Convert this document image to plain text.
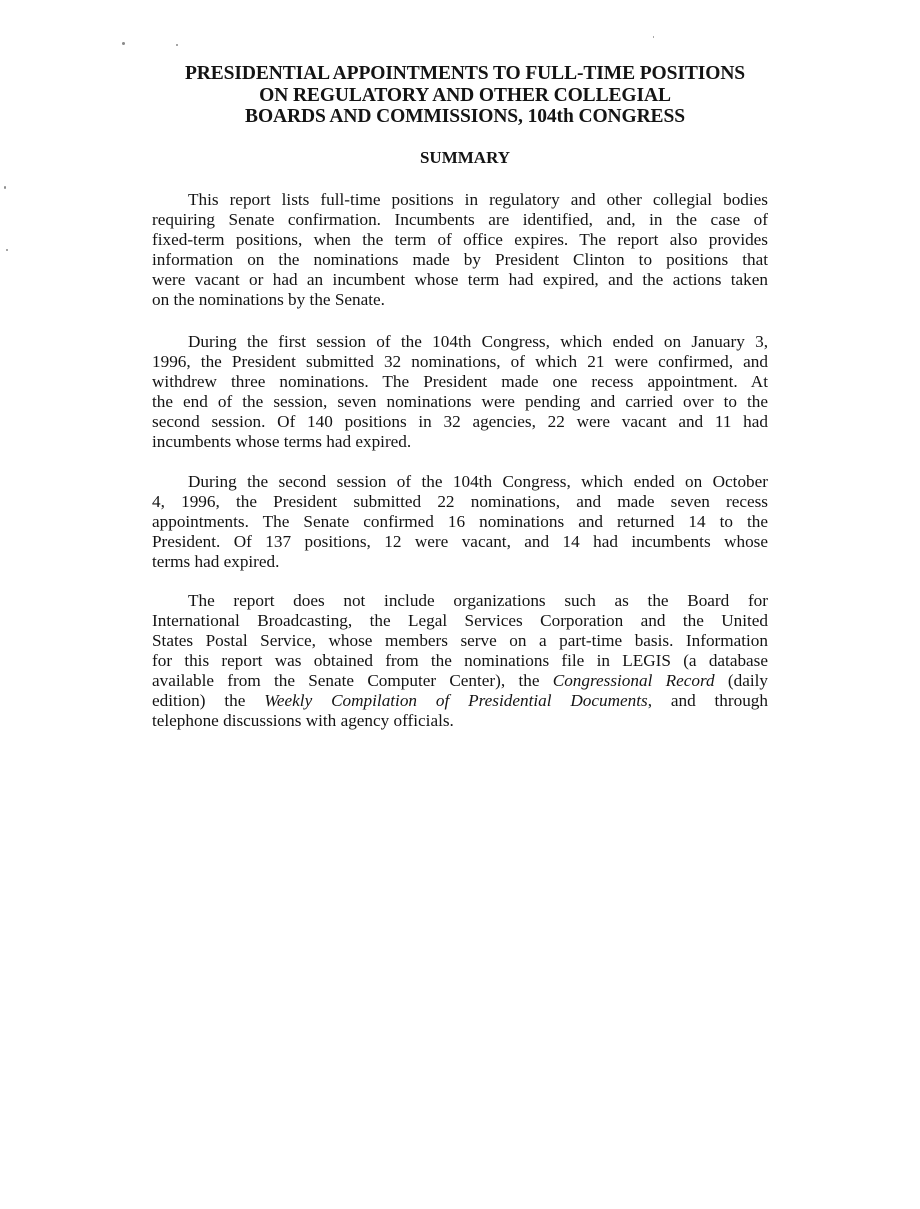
PRESIDENTIAL APPOINTMENTS TO FULL-TIME POSITIONS
ON REGULATORY AND OTHER COLLEGIAL
BOARDS AND COMMISSIONS, 104th CONGRESS
SUMMARY
This report lists full-time positions in regulatory and other collegial bodies
requiring Senate confirmation. Incumbents are identified, and, in the case of
fixed-term positions, when the term of office expires. The report also provides
information on the nominations made by President Clinton to positions that
were vacant or had an incumbent whose term had expired, and the actions taken
on the nominations by the Senate.
During the first session of the 104th Congress, which ended on January 3,
1996, the President submitted 32 nominations, of which 21 were confirmed, and
withdrew three nominations. The President made one recess appointment. At
the end of the session, seven nominations were pending and carried over to the
second session. Of 140 positions in 32 agencies, 22 were vacant and 11 had
incumbents whose terms had expired.
During the second session of the 104th Congress, which ended on October
4, 1996, the President submitted 22 nominations, and made seven recess
appointments. The Senate confirmed 16 nominations and returned 14 to the
President. Of 137 positions, 12 were vacant, and 14 had incumbents whose
terms had expired.
The report does not include organizations such as the Board for
International Broadcasting, the Legal Services Corporation and the United
States Postal Service, whose members serve on a part-time basis. Information
for this report was obtained from the nominations file in LEGIS (a database
available from the Senate Computer Center), the Congressional Record (daily
edition) the Weekly Compilation of Presidential Documents, and through
telephone discussions with agency officials.
